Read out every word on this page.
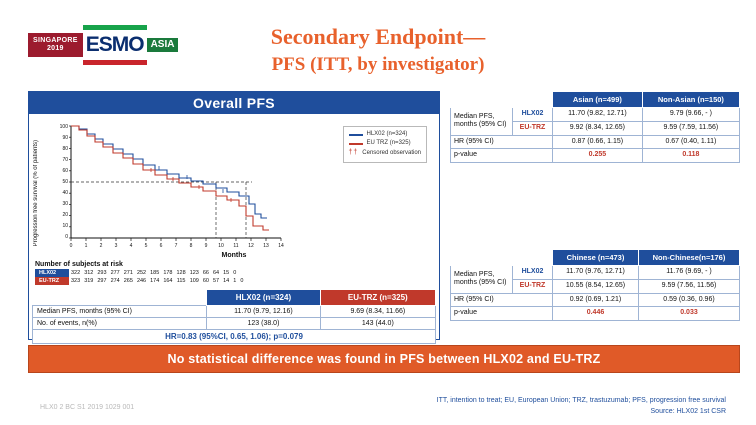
SINGAPORE
2019	ESMO ASIA	Secondary Endpoint—
PFS (ITT, by investigator)
Overall PFS
100
90
80
70
60
50
40
30
20
10
0
0 1 2 3 4 5 6 7 8 9 10 11 12 13 14
Progression free survival (% of patients)
HLX02 (n=324)
EU TRZ (n=325)
†† Censored observation
Months
Number of subjects at risk
HLX02	322	312	293	277	271	252	185	178	128	123	66	64	15	0	
EU-TRZ	323	319	297	274	265	246	174	164	115	109	60	57	14	1	0
	HLX02 (n=324)	EU-TRZ (n=325)
Median PFS, months (95% CI)	11.70 (9.79, 12.16)	9.69 (8.34, 11.66)
No. of events, n(%)	123 (38.0)	143 (44.0)
HR=0.83 (95%CI, 0.65, 1.06); p=0.079		
		Asian (n=499)	Non-Asian (n=150)
Median PFS, months (95% CI)	HLX02	11.70 (9.82, 12.71)	9.79 (9.66, - )
	EU-TRZ	9.92 (8.34, 12.65)	9.59 (7.59, 11.56)
HR (95% CI)		0.87 (0.66, 1.15)	0.67 (0.40, 1.11)
p-value		0.255	0.118
		Chinese (n=473)	Non-Chinese(n=176)
Median PFS, months (95% CI)	HLX02	11.70 (9.76, 12.71)	11.76 (9.69, - )
	EU-TRZ	10.55 (8.54, 12.65)	9.59 (7.56, 11.56)
HR (95% CI)		0.92 (0.69, 1.21)	0.59 (0.36, 0.96)
p-value		0.446	0.033
No statistical difference was found in PFS between HLX02 and EU-TRZ
HLX0 2 BC S1 2019 1029 001
ITT, intention to treat; EU, European Union; TRZ, trastuzumab; PFS, progression free survival
Source: HLX02 1st CSR
